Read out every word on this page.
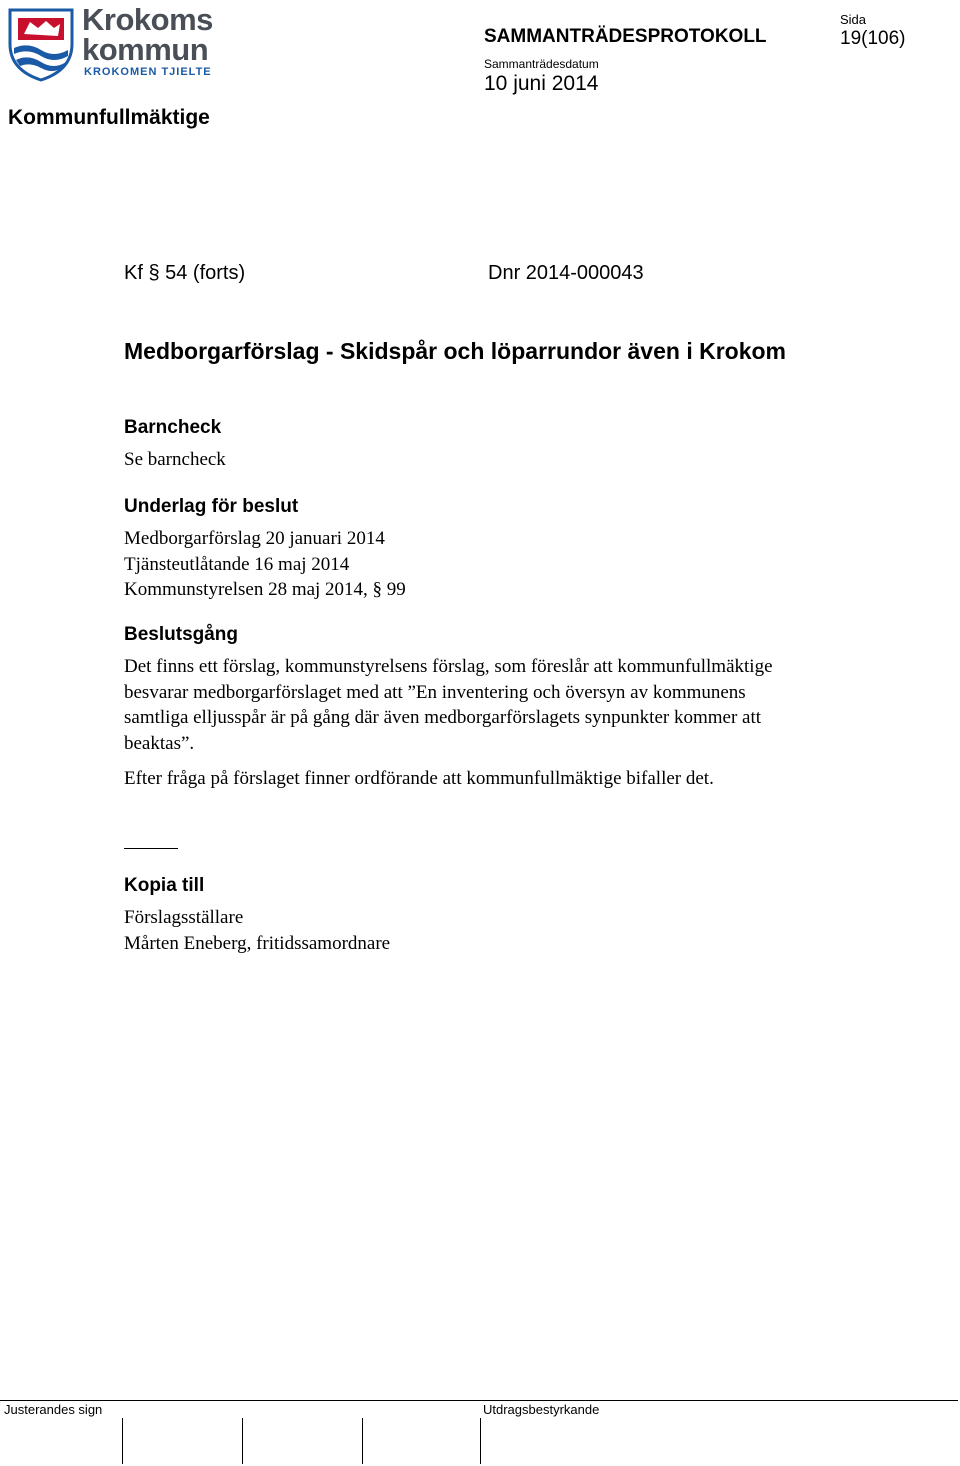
Krokoms
kommun
KROKOMEN TJIELTE
Kommunfullmäktige
SAMMANTRÄDESPROTOKOLL
Sammanträdesdatum
10 juni 2014
Sida
19(106)
Kf § 54 (forts)	Dnr 2014-000043
Medborgarförslag - Skidspår och löparrundor även i Krokom
Barncheck
Se barncheck
Underlag för beslut
Medborgarförslag 20 januari 2014
Tjänsteutlåtande 16 maj 2014
Kommunstyrelsen 28 maj 2014, § 99
Beslutsgång
Det finns ett förslag, kommunstyrelsens förslag, som föreslår att kommunfullmäktige besvarar medborgarförslaget med att ”En inventering och översyn av kommunens samtliga elljusspår är på gång där även medborgarförslagets synpunkter kommer att beaktas”.
Efter fråga på förslaget finner ordförande att kommunfullmäktige bifaller det.
Kopia till
Förslagsställare
Mårten Eneberg, fritidssamordnare
Justerandes sign	Utdragsbestyrkande
